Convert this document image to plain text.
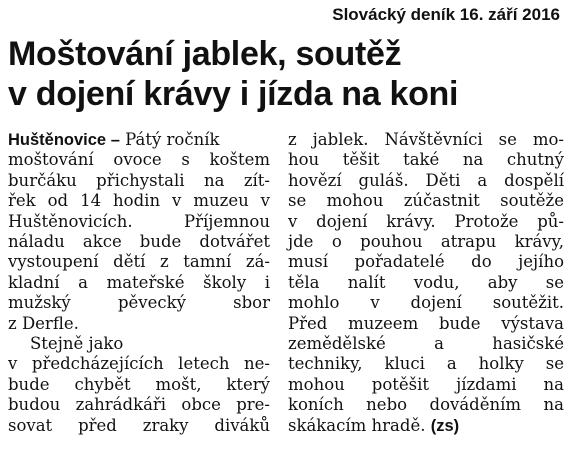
Slovácký deník 16. září 2016
Moštování jablek, soutěž
v dojení krávy i jízda na koni
Huštěnovice – Pátý ročník
moštování ovoce s koštem
burčáku přichystali na zít-
řek od 14 hodin v muzeu v
Huštěnovicích. Příjemnou
náladu akce bude dotvářet
vystoupení dětí z tamní zá-
kladní a mateřské školy i
mužský pěvecký sbor
z Derfle.
Stejně jako
v předcházejících letech ne-
bude chybět mošt, který
budou zahrádkáři obce pre-
sovat před zraky diváků
z jablek. Návštěvníci se mo-
hou těšit také na chutný
hovězí guláš. Děti a dospělí
se mohou zúčastnit soutěže
v dojení krávy. Protože pů-
jde o pouhou atrapu krávy,
musí pořadatelé do jejího
těla nalít vodu, aby se
mohlo v dojení soutěžit.
Před muzeem bude výstava
zemědělské a hasičské
techniky, kluci a holky se
mohou potěšit jízdami na
koních nebo dováděním na
skákacím hradě. (zs)
